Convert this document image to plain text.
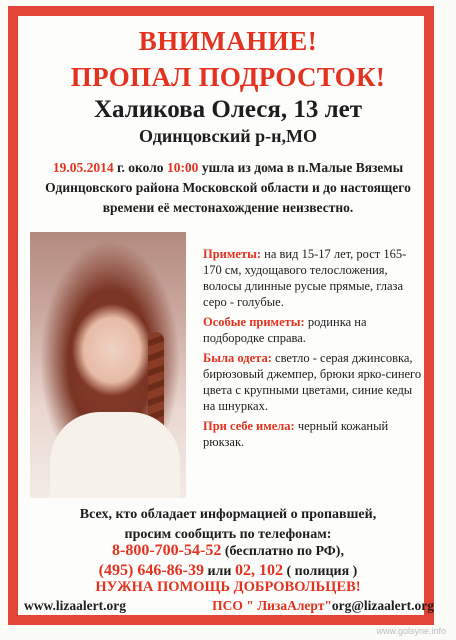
ВНИМАНИЕ!
ПРОПАЛ ПОДРОСТОК!
Халикова Олеся, 13 лет
Одинцовский р-н,МО
19.05.2014 г. около 10:00 ушла из дома в п.Малые Вяземы Одинцовского района Московской области и до настоящего времени её местонахождение неизвестно.

Приметы: на вид 15-17 лет, рост 165-170 см, худощавого телосложения, волосы длинные русые прямые, глаза серо - голубые.

Особые приметы: родинка на подбородке справа.

Была одета: светло - серая джинсовка, бирюзовый джемпер, брюки ярко-синего цвета с крупными цветами, синие кеды на шнурках.

При себе имела: черный кожаный рюкзак.

Всех, кто обладает информацией о пропавшей,
просим сообщить по телефонам:
8-800-700-54-52 (бесплатно по РФ),
(495) 646-86-39 или 02, 102 ( полиция )
НУЖНА ПОМОЩЬ ДОБРОВОЛЬЦЕВ!
www.lizaalert.org	ПСО " ЛизаАлерт"org@lizaalert.org
www.golsyne.info
